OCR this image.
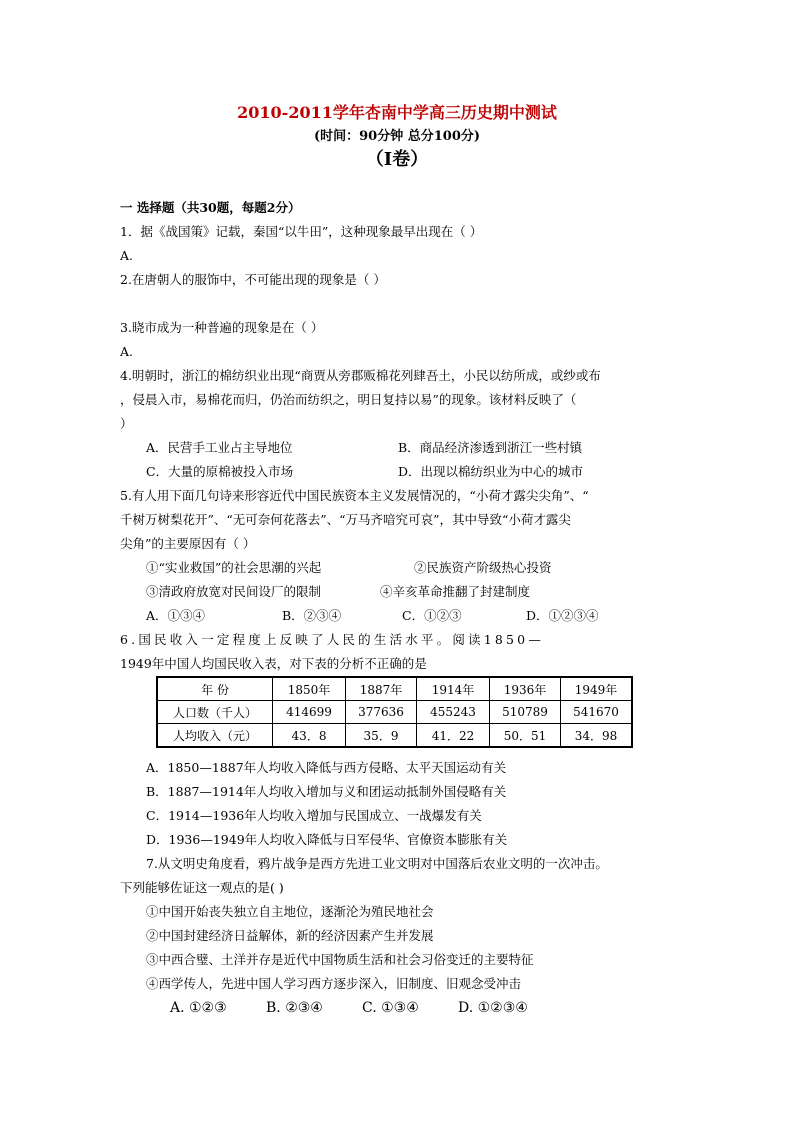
2010-2011学年杏南中学高三历史期中测试
(时间：90分钟 总分100分)
（Ⅰ卷）
一 选择题（共30题，每题2分）
1．据《战国策》记载，秦国“以牛田”，这种现象最早出现在（ ）
A.
2.在唐朝人的服饰中，不可能出现的现象是（ ）
3.晓市成为一种普遍的现象是在（ ）
A.
4.明朝时，浙江的棉纺织业出现“商贾从旁郡贩棉花列肆吾土，小民以纺所成，或纱或布
，侵晨入市，易棉花而归，仍治而纺织之，明日复持以易”的现象。该材料反映了（
）
A．民营手工业占主导地位	B．商品经济渗透到浙江一些村镇
C．大量的原棉被投入市场	D．出现以棉纺织业为中心的城市
5.有人用下面几句诗来形容近代中国民族资本主义发展情况的，“小荷才露尖尖角”、“
千树万树梨花开”、“无可奈何花落去”、“万马齐喑究可哀”，其中导致“小荷才露尖
尖角”的主要原因有（ ）
①“实业救国”的社会思潮的兴起	②民族资产阶级热心投资
③清政府放宽对民间设厂的限制	④辛亥革命推翻了封建制度
A．①③④	B．②③④	C．①②③	D．①②③④
6.国民收入一定程度上反映了人民的生活水平。阅读1850—
1949年中国人均国民收入表，对下表的分析不正确的是
年 份	1850年	1887年	1914年	1936年	1949年
人口数（千人）	414699	377636	455243	510789	541670
人均收入（元）	43．8	35．9	41．22	50．51	34．98
A．1850—1887年人均收入降低与西方侵略、太平天国运动有关
B．1887—1914年人均收入增加与义和团运动抵制外国侵略有关
C．1914—1936年人均收入增加与民国成立、一战爆发有关
D．1936—1949年人均收入降低与日军侵华、官僚资本膨胀有关
7.从文明史角度看，鸦片战争是西方先进工业文明对中国落后农业文明的一次冲击。
下列能够佐证这一观点的是( )
①中国开始丧失独立自主地位，逐渐沦为殖民地社会
②中国封建经济日益解体，新的经济因素产生并发展
③中西合璧、土洋并存是近代中国物质生活和社会习俗变迁的主要特征
④西学传人，先进中国人学习西方逐步深入，旧制度、旧观念受冲击
A. ①②③	B. ②③④	C. ①③④	D. ①②③④
